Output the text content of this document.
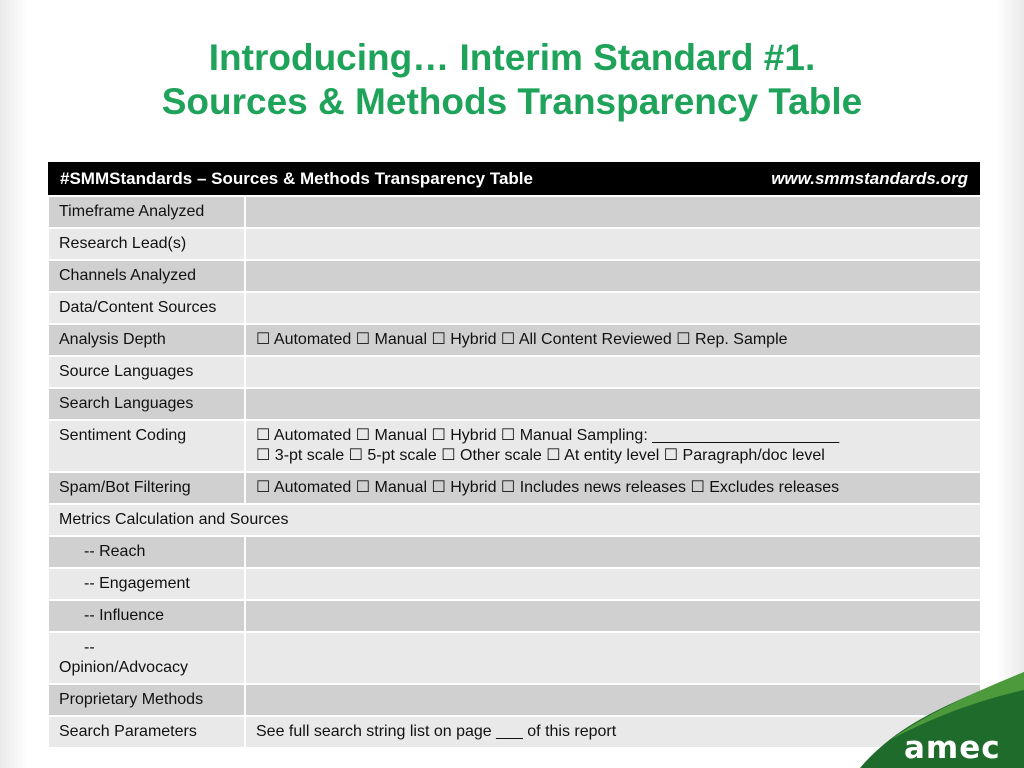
Introducing… Interim Standard #1.
Sources & Methods Transparency Table
#SMMStandards – Sources & Methods Transparency Table www.smmstandards.org	

Timeframe Analyzed	
Research Lead(s)	
Channels Analyzed	
Data/Content Sources	
Analysis Depth	☐ Automated ☐ Manual ☐ Hybrid ☐ All Content Reviewed ☐ Rep. Sample

Source Languages	
Search Languages	
Sentiment Coding	☐ Automated ☐ Manual ☐ Hybrid ☐ Manual Sampling: _____________________
☐ 3-pt scale ☐ 5-pt scale ☐ Other scale ☐ At entity level ☐ Paragraph/doc level

Spam/Bot Filtering	☐ Automated ☐ Manual ☐ Hybrid ☐ Includes news releases ☐ Excludes releases

Metrics Calculation and Sources	
-- Reach	
-- Engagement	
-- Influence	

--
Opinion/Advocacy	

Proprietary Methods	
Search Parameters	See full search string list on page ___ of this report	amec
